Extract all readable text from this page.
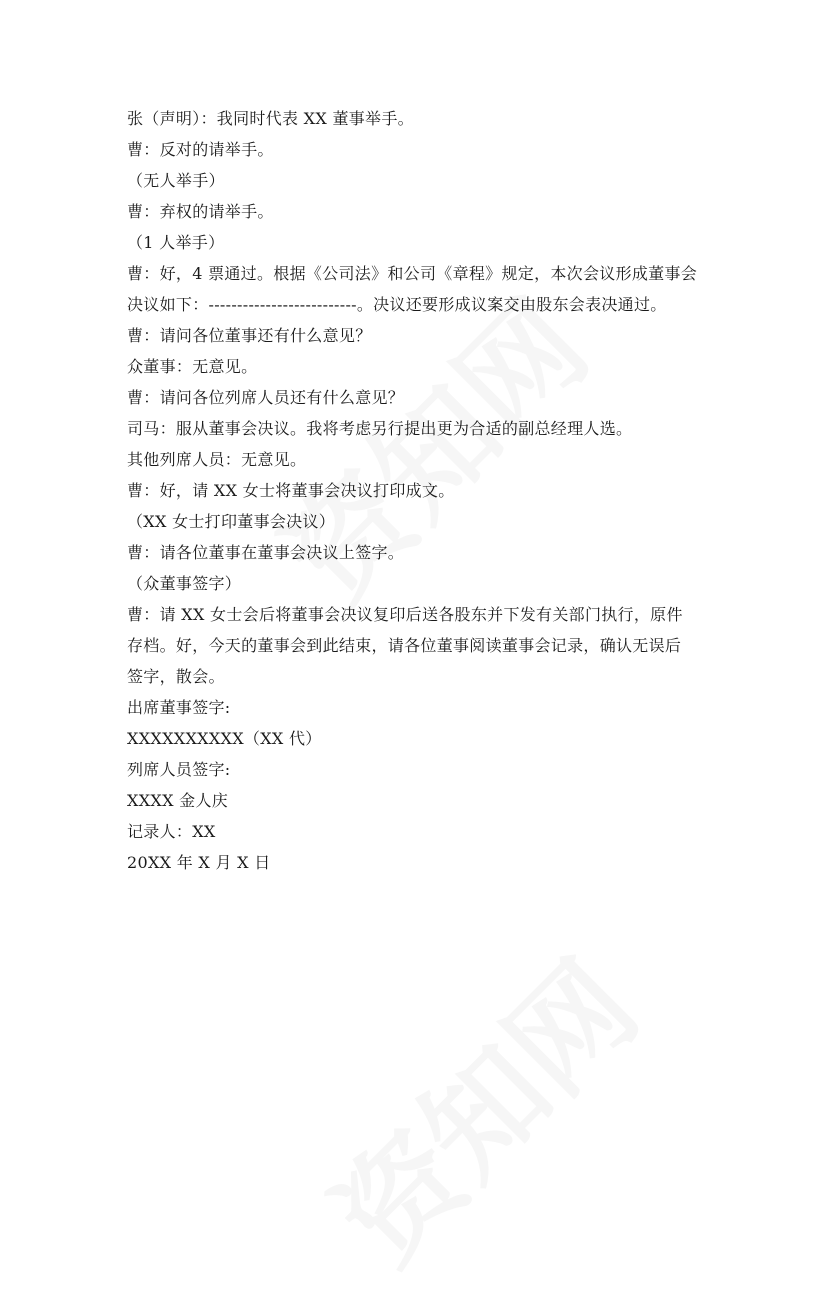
张（声明）：我同时代表 XX 董事举手。
曹：反对的请举手。
（无人举手）
曹：弃权的请举手。
（1 人举手）
曹：好，4 票通过。根据《公司法》和公司《章程》规定，本次会议形成董事会
决议如下：--------------------------。决议还要形成议案交由股东会表决通过。
曹：请问各位董事还有什么意见？
众董事：无意见。
曹：请问各位列席人员还有什么意见？
司马：服从董事会决议。我将考虑另行提出更为合适的副总经理人选。
其他列席人员：无意见。
曹：好，请 XX 女士将董事会决议打印成文。
（XX 女士打印董事会决议）
曹：请各位董事在董事会决议上签字。
（众董事签字）
曹：请 XX 女士会后将董事会决议复印后送各股东并下发有关部门执行，原件
存档。好，今天的董事会到此结束，请各位董事阅读董事会记录，确认无误后
签字，散会。
出席董事签字:
XXXXXXXXXX（XX 代）
列席人员签字:
XXXX 金人庆
记录人：XX
20XX 年 X 月 X 日
